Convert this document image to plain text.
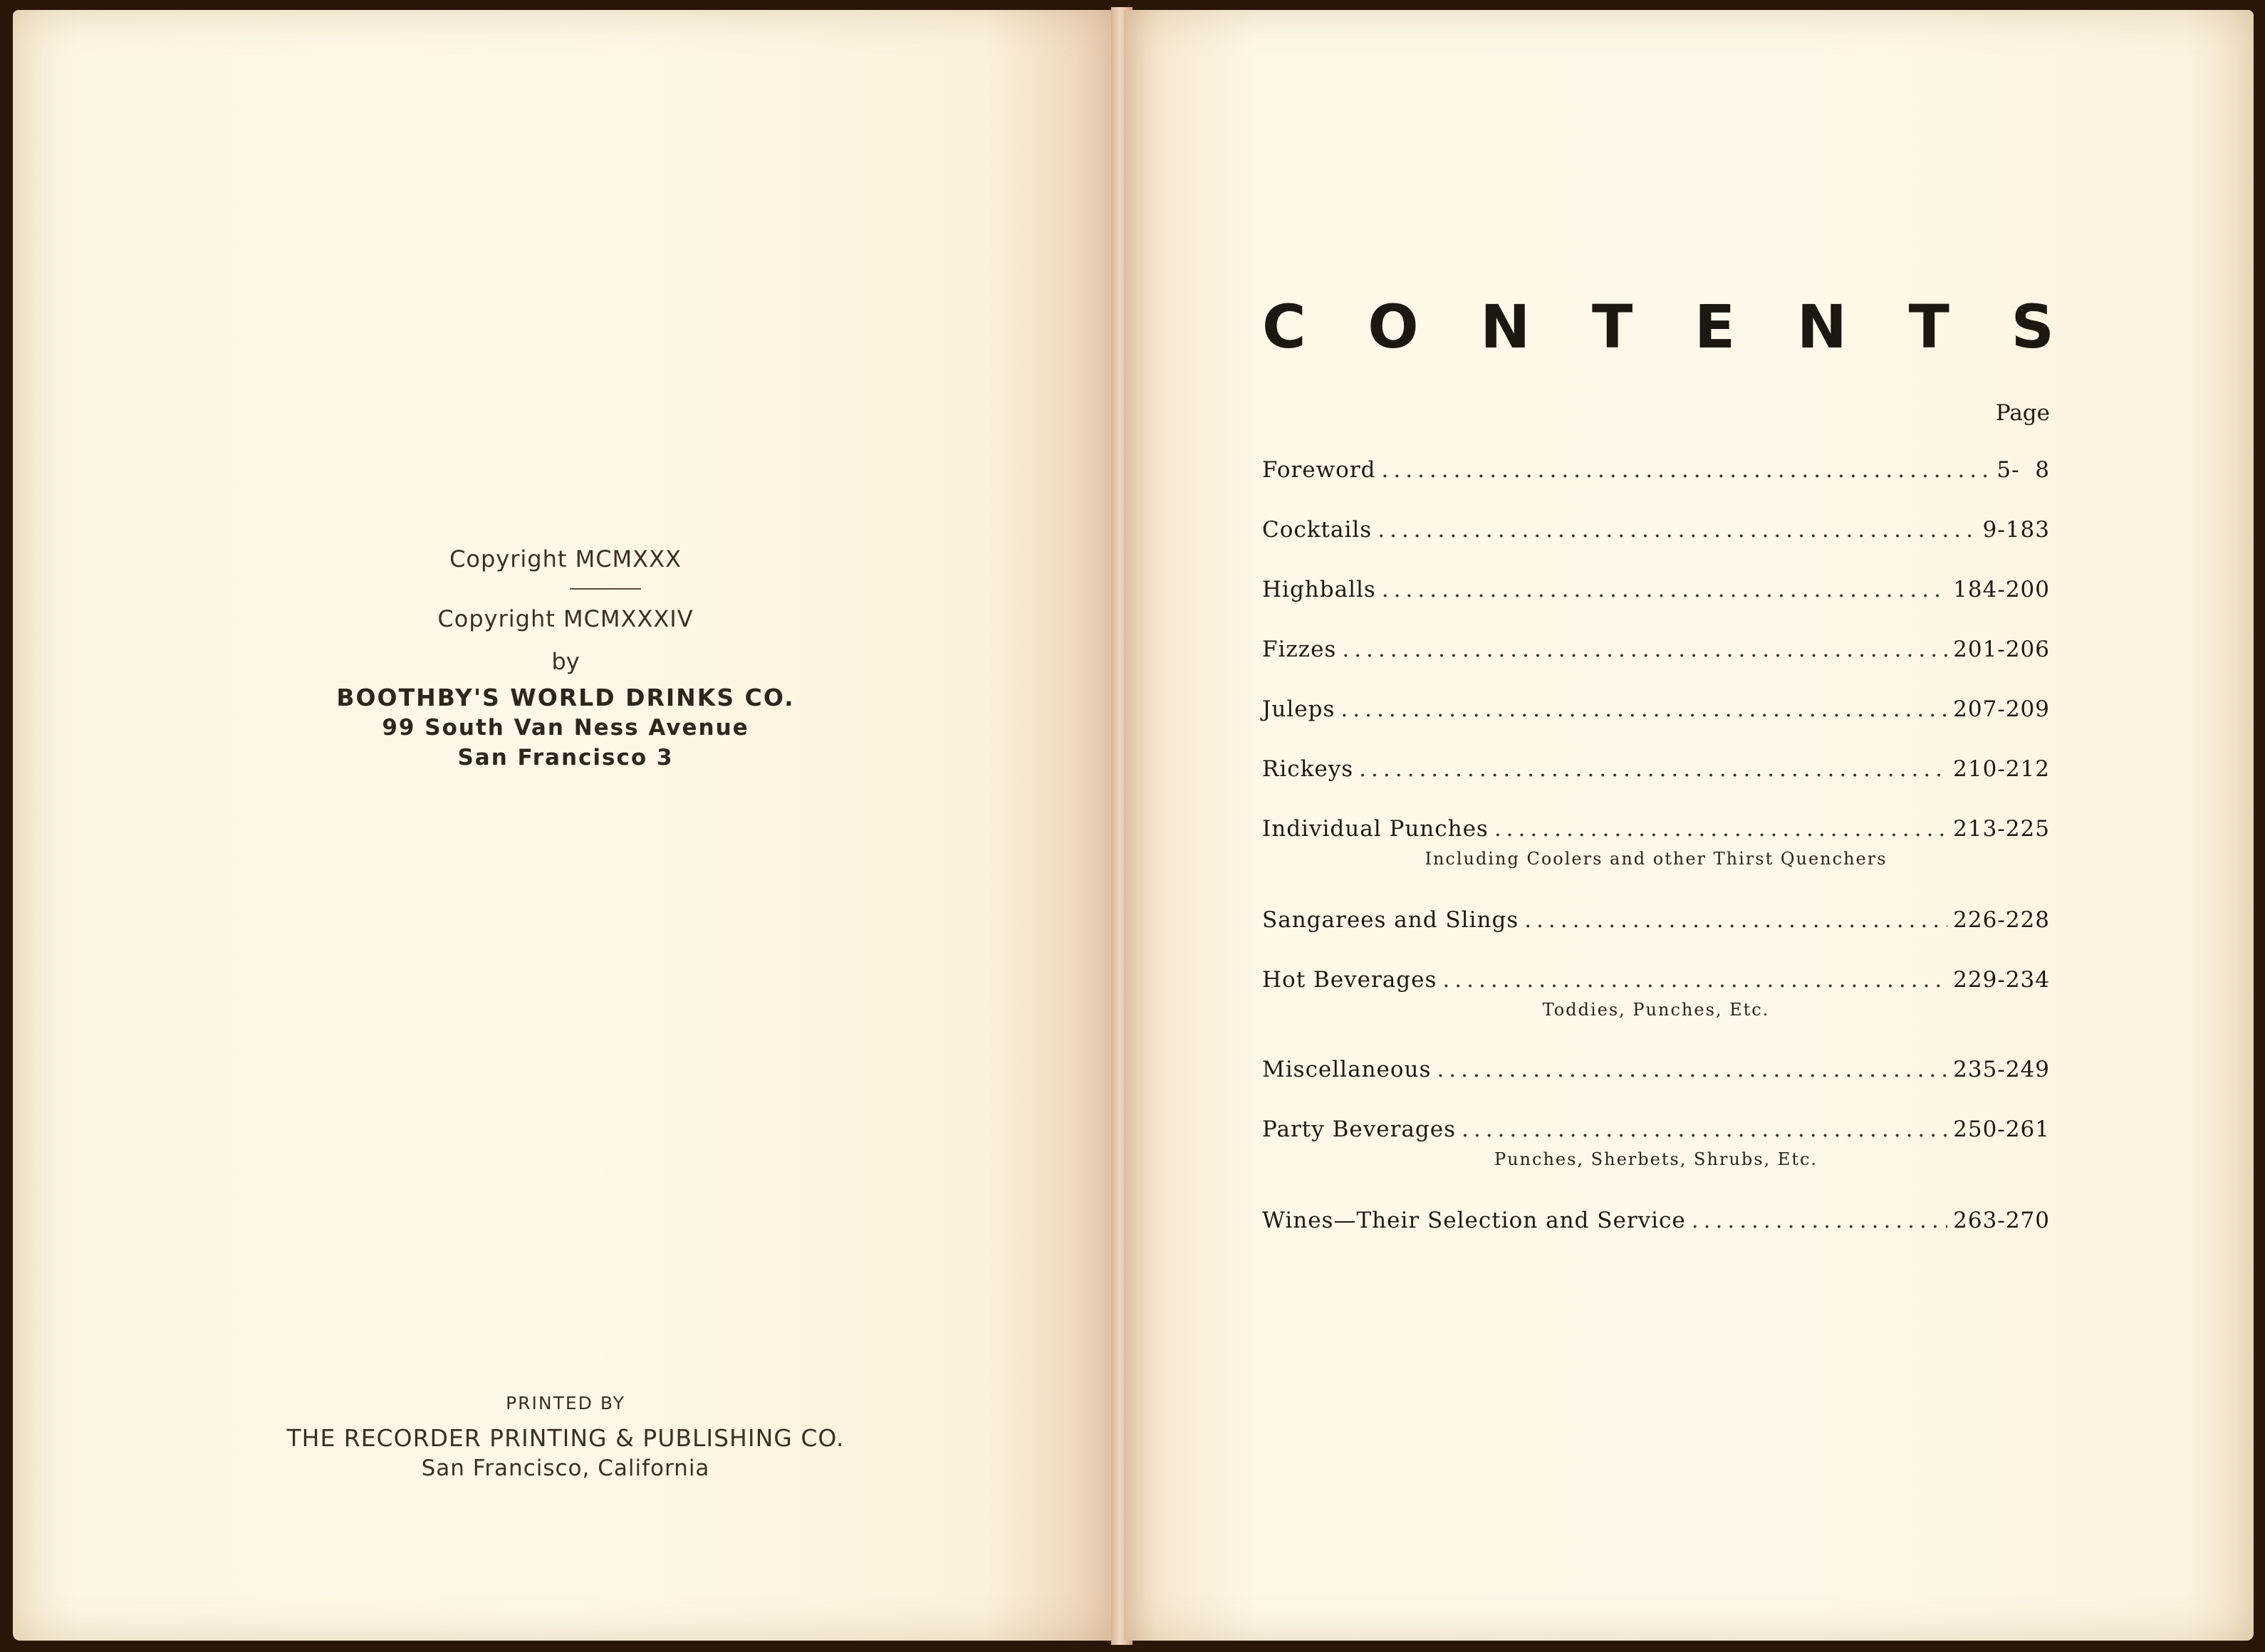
Copyright MCMXXX
Copyright MCMXXXIV
by
BOOTHBY'S WORLD DRINKS CO.
99 South Van Ness Avenue
San Francisco 3
PRINTED BY
THE RECORDER PRINTING & PUBLISHING CO.
San Francisco, California
C O N T E N T S
Page
Foreword .....	5-  8
Cocktails .....	9-183
Highballs .....	184-200
Fizzes .....	201-206
Juleps .....	207-209
Rickeys .....	210-212
Individual Punches .....	213-225
Including Coolers and other Thirst Quenchers
Sangarees and Slings .....	226-228
Hot Beverages .....	229-234
Toddies, Punches, Etc.
Miscellaneous .....	235-249
Party Beverages .....	250-261
Punches, Sherbets, Shrubs, Etc.
Wines—Their Selection and Service .....	263-270
